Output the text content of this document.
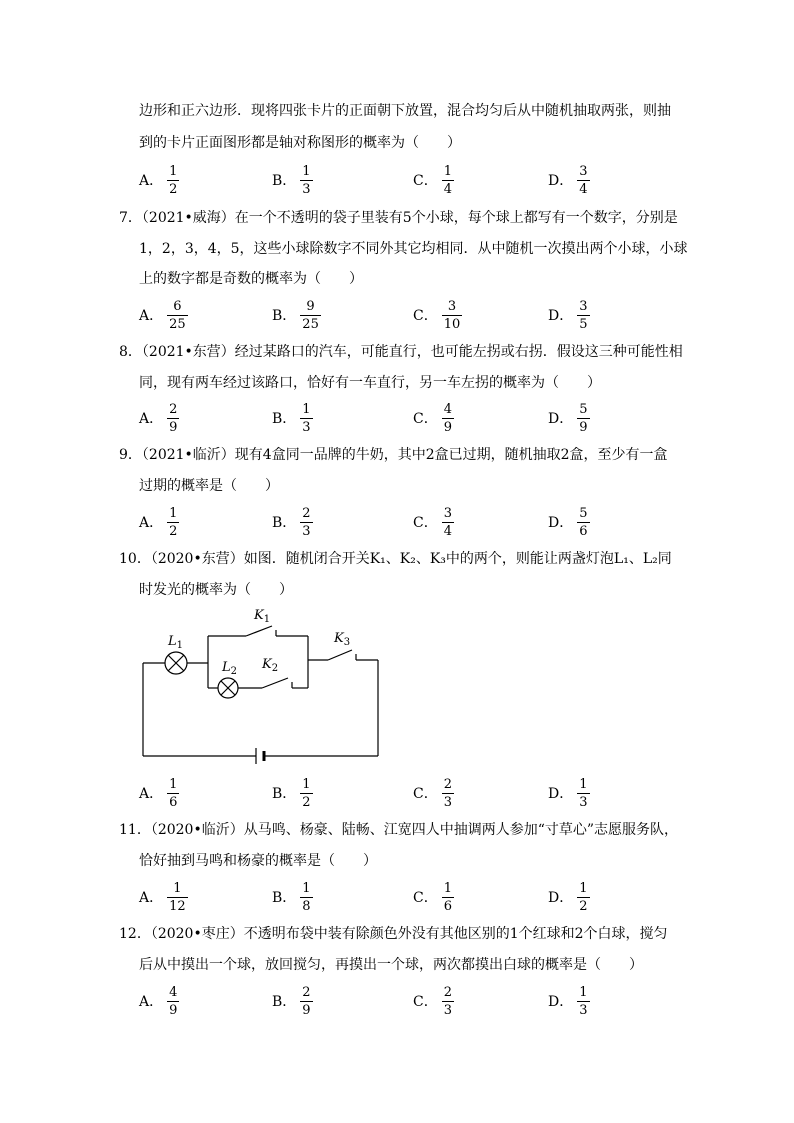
边形和正六边形．现将四张卡片的正面朝下放置，混合均匀后从中随机抽取两张，则抽
到的卡片正面图形都是轴对称图形的概率为（　　）
A． $\frac{1}{2}$	B． $\frac{1}{3}$	C． $\frac{1}{4}$	D． $\frac{3}{4}$
7．（2021•威海）在一个不透明的袋子里装有5个小球，每个球上都写有一个数字，分别是
1，2，3，4，5，这些小球除数字不同外其它均相同．从中随机一次摸出两个小球，小球
上的数字都是奇数的概率为（　　）
A． $\frac{6}{25}$	B． $\frac{9}{25}$	C． $\frac{3}{10}$	D． $\frac{3}{5}$
8．（2021•东营）经过某路口的汽车，可能直行，也可能左拐或右拐．假设这三种可能性相
同，现有两车经过该路口，恰好有一车直行，另一车左拐的概率为（　　）
A． $\frac{2}{9}$	B． $\frac{1}{3}$	C． $\frac{4}{9}$	D． $\frac{5}{9}$
9．（2021•临沂）现有4盒同一品牌的牛奶，其中2盒已过期，随机抽取2盒，至少有一盒
过期的概率是（　　）
A． $\frac{1}{2}$	B． $\frac{2}{3}$	C． $\frac{3}{4}$	D． $\frac{5}{6}$
10．（2020•东营）如图．随机闭合开关K₁、K₂、K₃中的两个，则能让两盏灯泡L₁、L₂同
时发光的概率为（　　）
$L_1$
$L_2$
$K_1$
$K_2$
$K_3$
A． $\frac{1}{6}$	B． $\frac{1}{2}$	C． $\frac{2}{3}$	D． $\frac{1}{3}$
11．（2020•临沂）从马鸣、杨豪、陆畅、江宽四人中抽调两人参加“寸草心”志愿服务队，
恰好抽到马鸣和杨豪的概率是（　　）
A． $\frac{1}{12}$	B． $\frac{1}{8}$	C． $\frac{1}{6}$	D． $\frac{1}{2}$
12．（2020•枣庄）不透明布袋中装有除颜色外没有其他区别的1个红球和2个白球，搅匀
后从中摸出一个球，放回搅匀，再摸出一个球，两次都摸出白球的概率是（　　）
A． $\frac{4}{9}$	B． $\frac{2}{9}$	C． $\frac{2}{3}$	D． $\frac{1}{3}$
